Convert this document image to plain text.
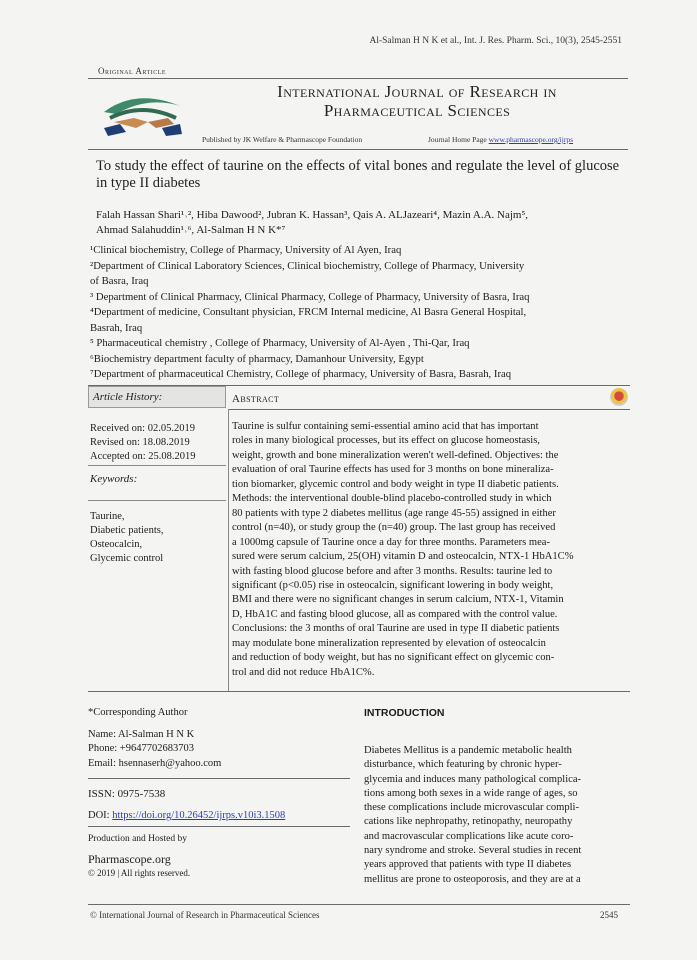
Al-Salman H N K et al., Int. J. Res. Pharm. Sci., 10(3), 2545-2551
Original Article
International Journal of Research in Pharmaceutical Sciences
Published by JK Welfare & Pharmascope Foundation	Journal Home Page www.pharmascope.org/ijrps
To study the effect of taurine on the effects of vital bones and regulate the level of glucose in type II diabetes
Falah Hassan Shari¹˒², Hiba Dawood², Jubran K. Hassan³, Qais A. ALJazeari⁴, Mazin A.A. Najm⁵,
Ahmad Salahuddin¹˒⁶, Al-Salman H N K*⁷
¹Clinical biochemistry, College of Pharmacy, University of Al Ayen, Iraq
²Department of Clinical Laboratory Sciences, Clinical biochemistry, College of Pharmacy, University
of Basra, Iraq
³ Department of Clinical Pharmacy, Clinical Pharmacy, College of Pharmacy, University of Basra, Iraq
⁴Department of medicine, Consultant physician, FRCM Internal medicine, Al Basra General Hospital,
Basrah, Iraq
⁵ Pharmaceutical chemistry , College of Pharmacy, University of Al-Ayen , Thi-Qar, Iraq
⁶Biochemistry department faculty of pharmacy, Damanhour University, Egypt
⁷Department of pharmaceutical Chemistry, College of pharmacy, University of Basra, Basrah, Iraq
Article History:	Abstract
Received on: 02.05.2019
Revised on: 18.08.2019
Accepted on: 25.08.2019
Keywords:
Taurine,
Diabetic patients,
Osteocalcin,
Glycemic control
Taurine is sulfur containing semi-essential amino acid that has important
roles in many biological processes, but its effect on glucose homeostasis,
weight, growth and bone mineralization weren't well-defined. Objectives: the
evaluation of oral Taurine effects has used for 3 months on bone mineraliza-
tion biomarker, glycemic control and body weight in type II diabetic patients.
Methods: the interventional double-blind placebo-controlled study in which
80 patients with type 2 diabetes mellitus (age range 45-55) assigned in either
control (n=40), or study group the (n=40) group. The last group has received
a 1000mg capsule of Taurine once a day for three months. Parameters mea-
sured were serum calcium, 25(OH) vitamin D and osteocalcin, NTX-1 HbA1C%
with fasting blood glucose before and after 3 months. Results: taurine led to
significant (p<0.05) rise in osteocalcin, significant lowering in body weight,
BMI and there were no significant changes in serum calcium, NTX-1, Vitamin
D, HbA1C and fasting blood glucose, all as compared with the control value.
Conclusions: the 3 months of oral Taurine are used in type II diabetic patients
may modulate bone mineralization represented by elevation of osteocalcin
and reduction of body weight, but has no significant effect on glycemic con-
trol and did not reduce HbA1C%.
*Corresponding Author
Name: Al-Salman H N K
Phone: +9647702683703
Email: hsennaserh@yahoo.com
ISSN: 0975-7538
DOI: https://doi.org/10.26452/ijrps.v10i3.1508
Production and Hosted by
Pharmascope.org
© 2019 | All rights reserved.
INTRODUCTION
Diabetes Mellitus is a pandemic metabolic health
disturbance, which featuring by chronic hyper-
glycemia and induces many pathological complica-
tions among both sexes in a wide range of ages, so
these complications include microvascular compli-
cations like nephropathy, retinopathy, neuropathy
and macrovascular complications like acute coro-
nary syndrome and stroke. Several studies in recent
years approved that patients with type II diabetes
mellitus are prone to osteoporosis, and they are at a
© International Journal of Research in Pharmaceutical Sciences	2545
